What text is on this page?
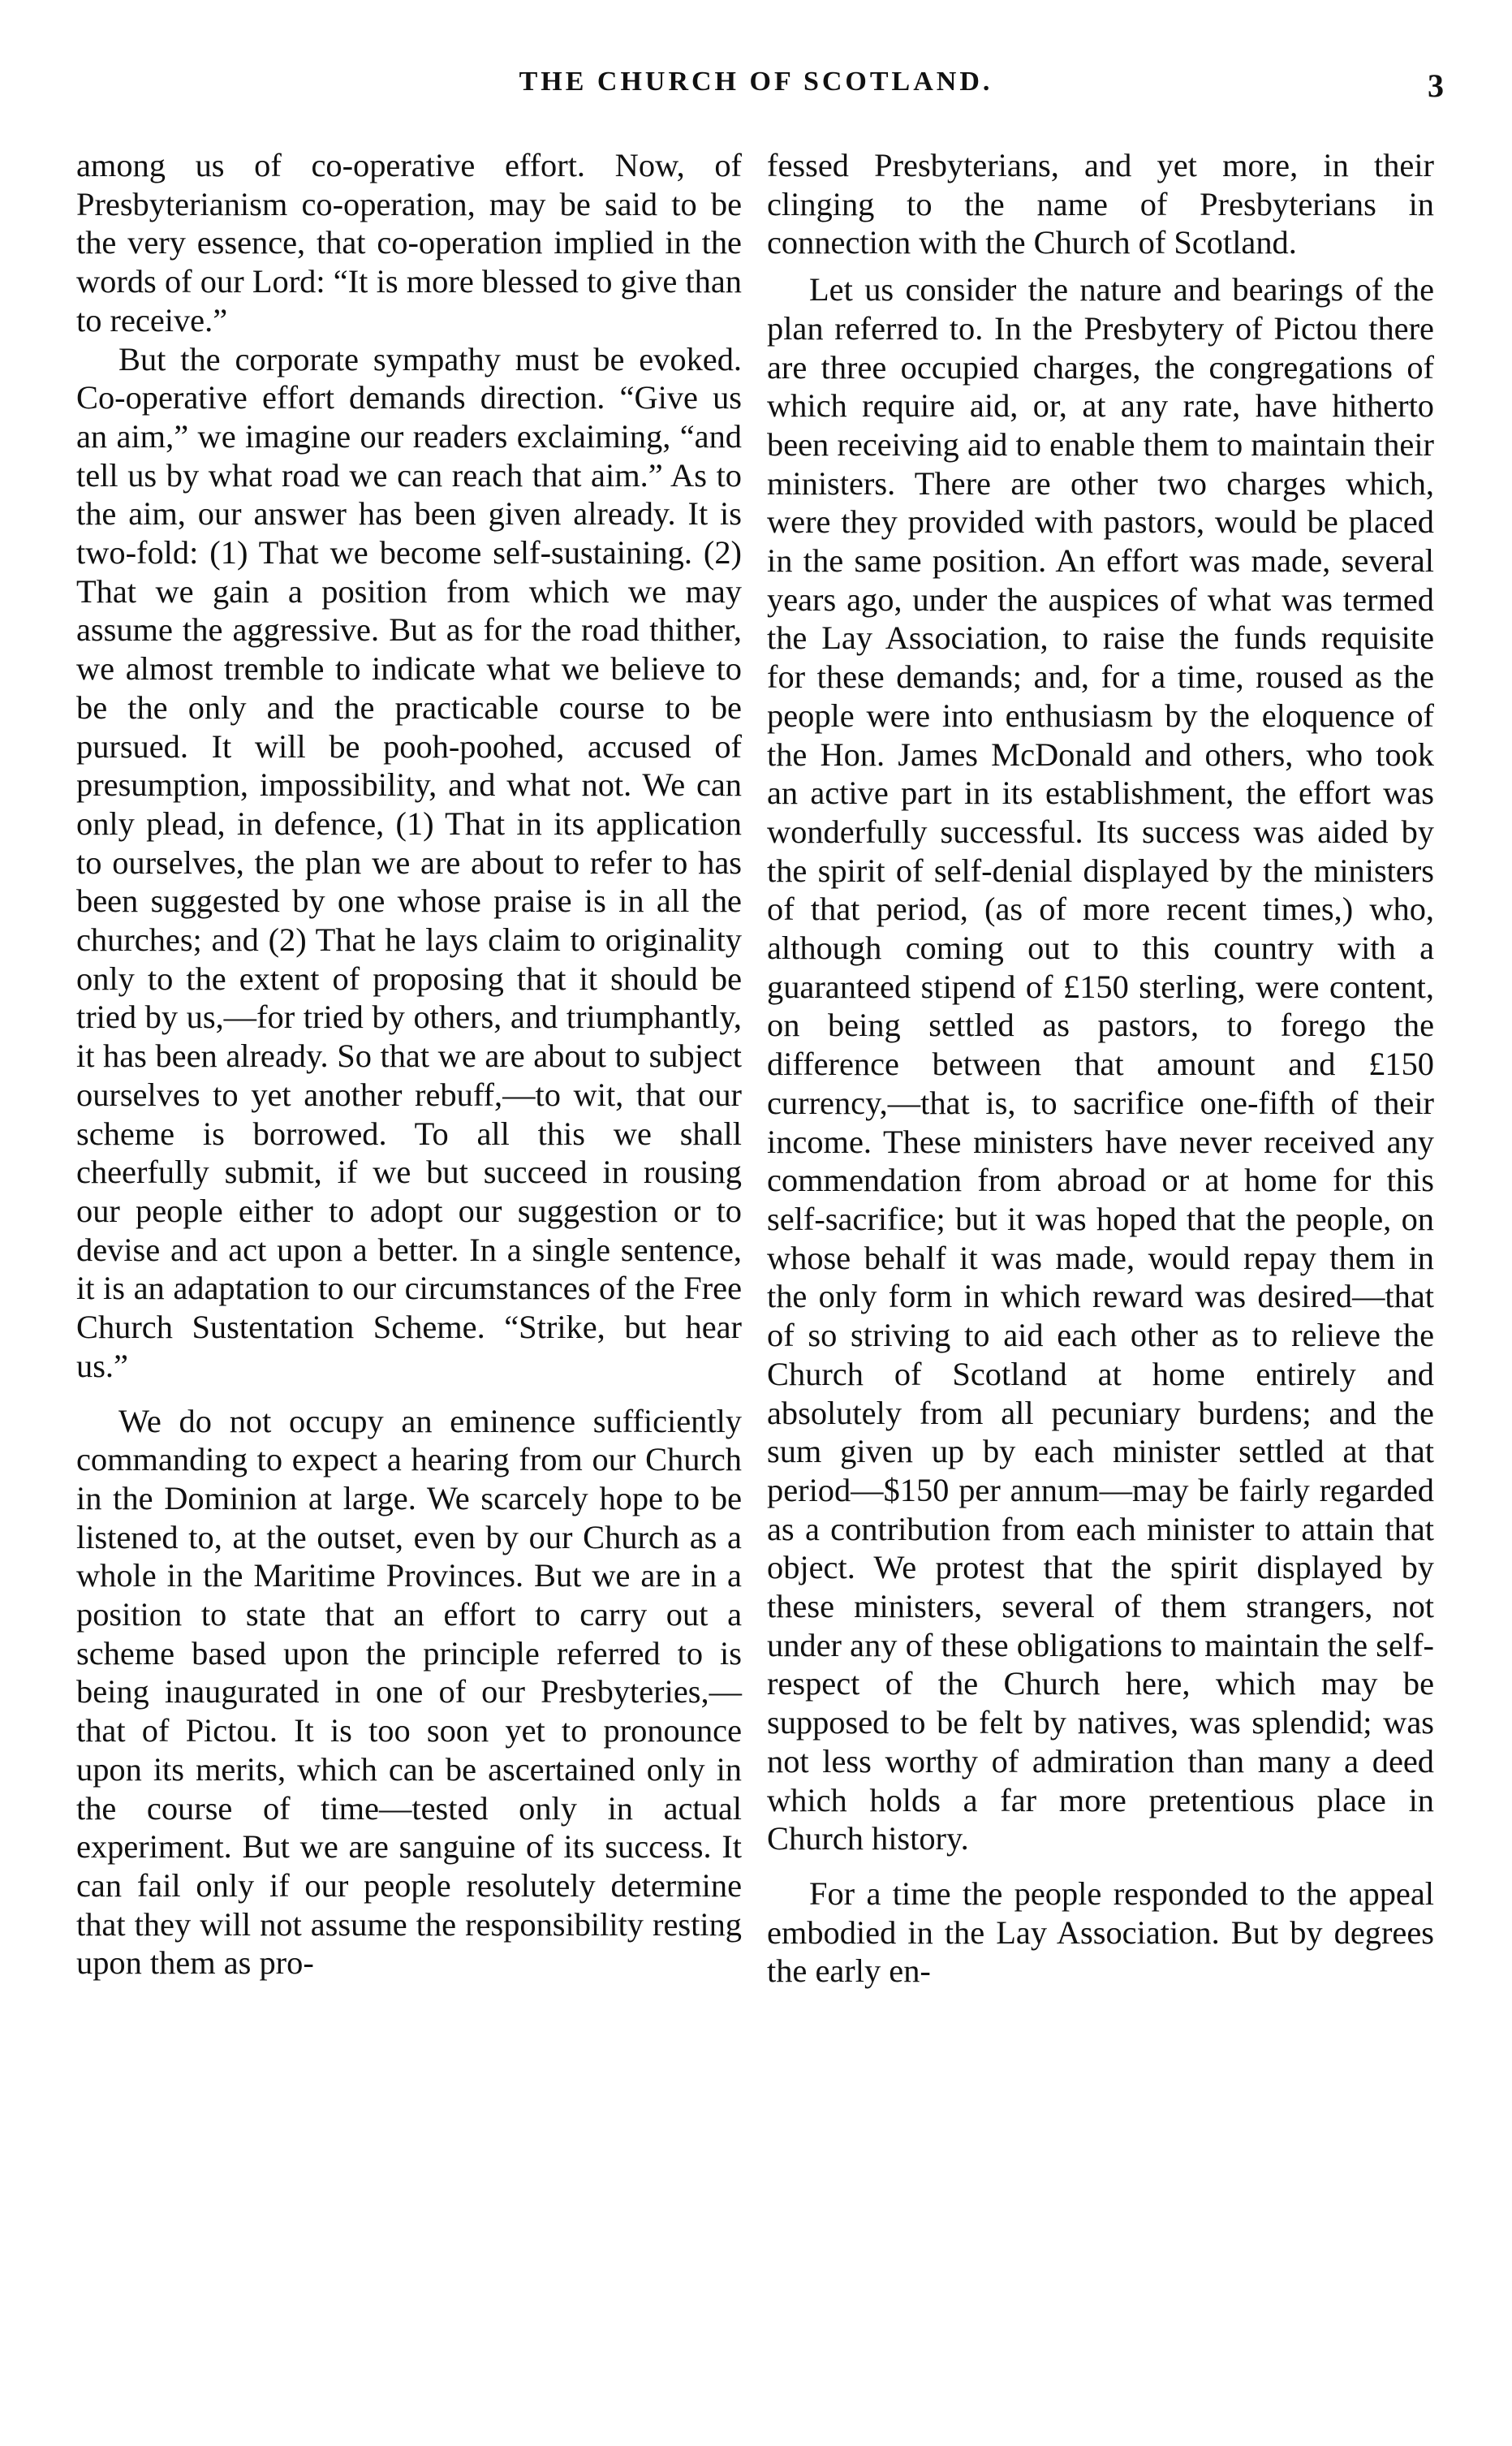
THE CHURCH OF SCOTLAND.	3

among us of co-operative effort. Now, of Presbyterianism co-operation, may be said to be the very essence, that co-operation implied in the words of our Lord: “It is more blessed to give than to receive.”

But the corporate sympathy must be evoked. Co-operative effort demands direction. “Give us an aim,” we imagine our readers exclaiming, “and tell us by what road we can reach that aim.” As to the aim, our answer has been given already. It is two-fold: (1) That we become self-sustaining. (2) That we gain a position from which we may assume the aggressive. But as for the road thither, we almost tremble to indicate what we believe to be the only and the practicable course to be pursued. It will be pooh-poohed, accused of presumption, impossibility, and what not. We can only plead, in defence, (1) That in its application to ourselves, the plan we are about to refer to has been suggested by one whose praise is in all the churches; and (2) That he lays claim to originality only to the extent of proposing that it should be tried by us,—for tried by others, and triumphantly, it has been already. So that we are about to subject ourselves to yet another rebuff,—to wit, that our scheme is borrowed. To all this we shall cheerfully submit, if we but succeed in rousing our people either to adopt our suggestion or to devise and act upon a better. In a single sentence, it is an adaptation to our circumstances of the Free Church Sustentation Scheme. “Strike, but hear us.”

We do not occupy an eminence sufficiently commanding to expect a hearing from our Church in the Dominion at large. We scarcely hope to be listened to, at the outset, even by our Church as a whole in the Maritime Provinces. But we are in a position to state that an effort to carry out a scheme based upon the principle referred to is being inaugurated in one of our Presbyteries,—that of Pictou. It is too soon yet to pronounce upon its merits, which can be ascertained only in the course of time—tested only in actual experiment. But we are sanguine of its success. It can fail only if our people resolutely determine that they will not assume the responsibility resting upon them as pro-

fessed Presbyterians, and yet more, in their clinging to the name of Presbyterians in connection with the Church of Scotland.

Let us consider the nature and bearings of the plan referred to. In the Presbytery of Pictou there are three occupied charges, the congregations of which require aid, or, at any rate, have hitherto been receiving aid to enable them to maintain their ministers. There are other two charges which, were they provided with pastors, would be placed in the same position. An effort was made, several years ago, under the auspices of what was termed the Lay Association, to raise the funds requisite for these demands; and, for a time, roused as the people were into enthusiasm by the eloquence of the Hon. James McDonald and others, who took an active part in its establishment, the effort was wonderfully successful. Its success was aided by the spirit of self-denial displayed by the ministers of that period, (as of more recent times,) who, although coming out to this country with a guaranteed stipend of £150 sterling, were content, on being settled as pastors, to forego the difference between that amount and £150 currency,—that is, to sacrifice one-fifth of their income. These ministers have never received any commendation from abroad or at home for this self-sacrifice; but it was hoped that the people, on whose behalf it was made, would repay them in the only form in which reward was desired—that of so striving to aid each other as to relieve the Church of Scotland at home entirely and absolutely from all pecuniary burdens; and the sum given up by each minister settled at that period—$150 per annum—may be fairly regarded as a contribution from each minister to attain that object. We protest that the spirit displayed by these ministers, several of them strangers, not under any of these obligations to maintain the self-respect of the Church here, which may be supposed to be felt by natives, was splendid; was not less worthy of admiration than many a deed which holds a far more pretentious place in Church history.

For a time the people responded to the appeal embodied in the Lay Association. But by degrees the early en-
